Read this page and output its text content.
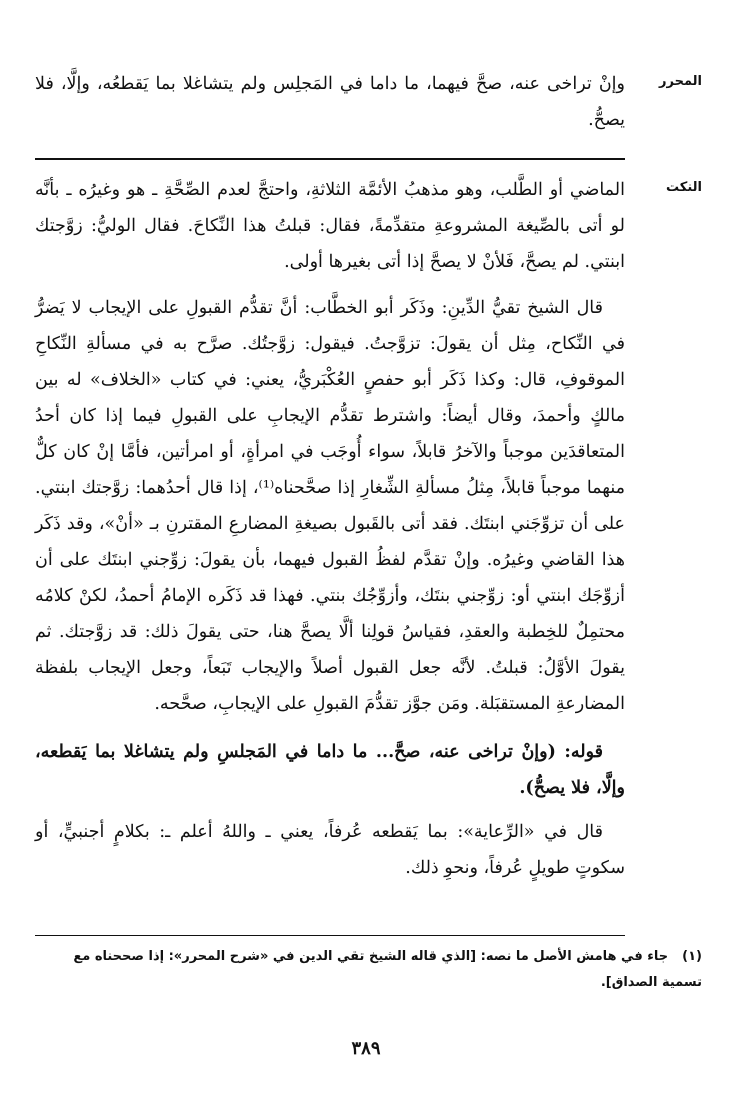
المحرر

وإنْ تراخى عنه، صحَّ فيهما، ما داما في المَجلِس ولم يتشاغلا بما يَقطعُه، وإلَّا، فلا يصحُّ.

النكت

الماضي أو الطَّلب، وهو مذهبُ الأئمَّة الثلاثةِ، واحتجَّ لعدم الصِّحَّةِ ـ هو وغيرُه ـ بأنَّه لو أتى بالصِّيغة المشروعةِ متقدِّمةً، فقال: قبلتُ هذا النِّكاحَ. فقال الوليُّ: زوَّجتك ابنتي. لم يصحَّ، فَلأنْ لا يصحَّ إذا أتى بغيرها أولى.

قال الشيخ تقيُّ الدِّينِ: وذَكَر أبو الخطَّاب: أنَّ تقدُّم القبولِ على الإيجاب لا يَضرُّ في النِّكاح، مِثل أن يقولَ: تزوَّجتُ. فيقول: زوَّجتُك. صرَّح به في مسألةِ النِّكاحِ الموقوفِ، قال: وكذا ذَكَر أبو حفصٍ العُكْبَريُّ، يعني: في كتاب «الخلاف» له بين مالكٍ وأحمدَ، وقال أيضاً: واشترط تقدُّم الإيجابِ على القبولِ فيما إذا كان أحدُ المتعاقدَين موجباً والآخرُ قابلاً، سواء أُوجَب في امرأةٍ، أو امرأتين، فأمَّا إنْ كان كلٌّ منهما موجباً قابلاً، مِثلُ مسألةِ الشِّغارِ إذا صحَّحناه⁽¹⁾، إذا قال أحدُهما: زوَّجتك ابنتي. على أن تزوِّجَني ابنتَك. فقد أتى بالقَبول بصيغةِ المضارعِ المقترنِ بـ «أنْ»، وقد ذَكَر هذا القاضي وغيرُه. وإنْ تقدَّم لفظُ القبول فيهما، بأن يقولَ: زوِّجني ابنتَك على أن أزوِّجَك ابنتي أو: زوِّجني بنتَك، وأزوِّجُك بنتي. فهذا قد ذَكَره الإمامُ أحمدُ، لكنْ كلامُه محتمِلٌ للخِطبة والعقدِ، فقياسُ قولِنا ألَّا يصحَّ هنا، حتى يقولَ ذلك: قد زوَّجتك. ثم يقولَ الأوَّلُ: قبلتُ. لأنَّه جعل القبول أصلاً والإيجاب تَبَعاً، وجعل الإيجاب بلفظة المضارعةِ المستقبَلة. ومَن جوَّز تقدُّمَ القبولِ على الإيجابِ، صحَّحه.

قوله: (وإنْ تراخى عنه، صحَّ... ما داما في المَجلسِ ولم يتشاغلا بما يَقطعه، وإلَّا، فلا يصحُّ).

قال في «الرِّعاية»: بما يَقطعه عُرفاً، يعني ـ واللهُ أعلم ـ: بكلامٍ أجنبيٍّ، أو سكوتٍ طويلٍ عُرفاً، ونحوِ ذلك.

(١)جاء في هامش الأصل ما نصه: [الذي قاله الشيخ تقي الدين في «شرح المحرر»: إذا صححناه مع تسمية الصداق].
٣٨٩
